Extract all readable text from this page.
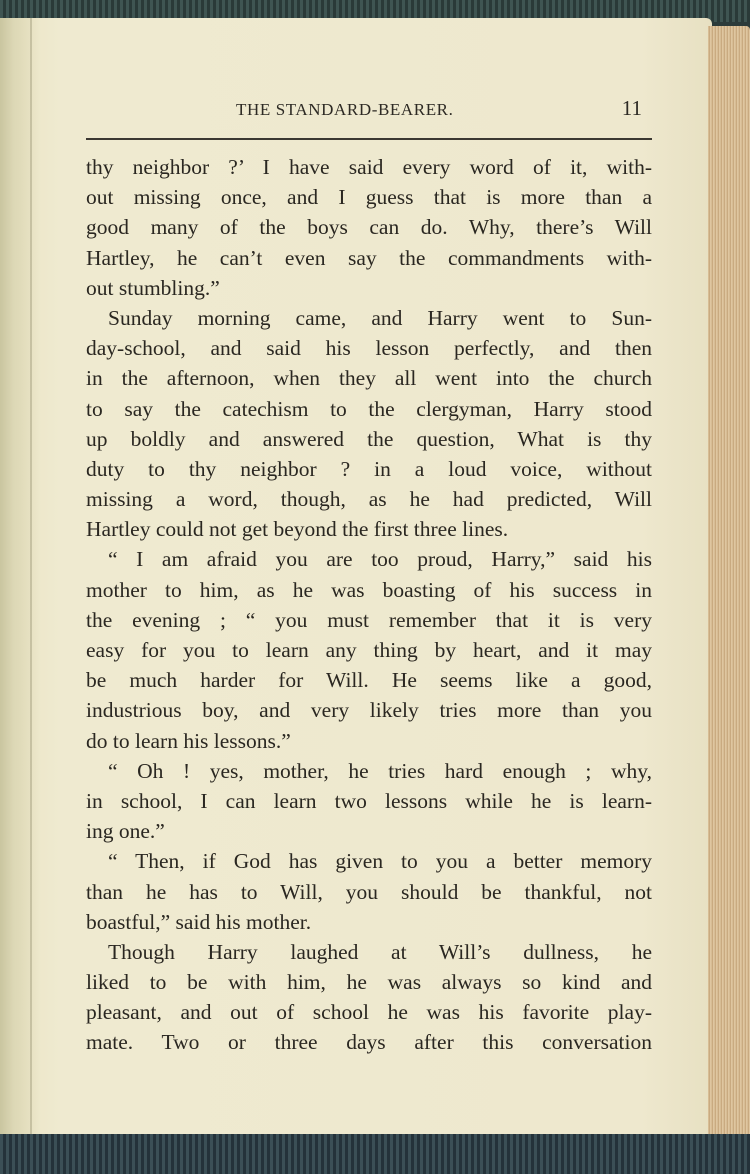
THE STANDARD-BEARER.	11
thy neighbor ?’ I have said every word of it, with-
out missing once, and I guess that is more than a
good many of the boys can do. Why, there’s Will
Hartley, he can’t even say the commandments with-
out stumbling.”
Sunday morning came, and Harry went to Sun-
day-school, and said his lesson perfectly, and then
in the afternoon, when they all went into the church
to say the catechism to the clergyman, Harry stood
up boldly and answered the question, What is thy
duty to thy neighbor ? in a loud voice, without
missing a word, though, as he had predicted, Will
Hartley could not get beyond the first three lines.
“ I am afraid you are too proud, Harry,” said his
mother to him, as he was boasting of his success in
the evening ; “ you must remember that it is very
easy for you to learn any thing by heart, and it may
be much harder for Will. He seems like a good,
industrious boy, and very likely tries more than you
do to learn his lessons.”
“ Oh ! yes, mother, he tries hard enough ; why,
in school, I can learn two lessons while he is learn-
ing one.”
“ Then, if God has given to you a better memory
than he has to Will, you should be thankful, not
boastful,” said his mother.
Though Harry laughed at Will’s dullness, he
liked to be with him, he was always so kind and
pleasant, and out of school he was his favorite play-
mate. Two or three days after this conversation
